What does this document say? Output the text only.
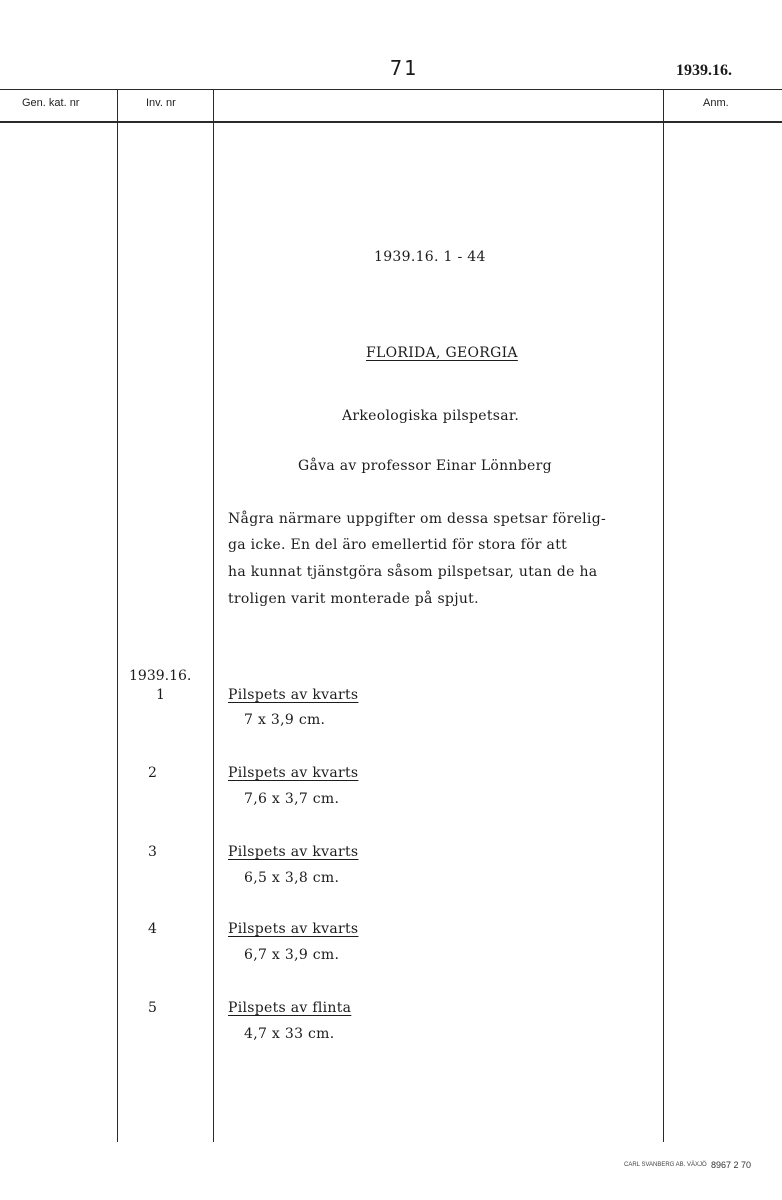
71	1939.16.
Gen. kat. nr	Inv. nr	Anm.
1939.16. 1 - 44
FLORIDA, GEORGIA
Arkeologiska pilspetsar.
Gåva av professor Einar Lönnberg
Några närmare uppgifter om dessa spetsar förelig-
ga icke. En del äro emellertid för stora för att
ha kunnat tjänstgöra såsom pilspetsar, utan de ha
troligen varit monterade på spjut.
1939.16.
1	Pilspets av kvarts
7 x 3,9 cm.
2	Pilspets av kvarts
7,6 x 3,7 cm.
3	Pilspets av kvarts
6,5 x 3,8 cm.
4	Pilspets av kvarts
6,7 x 3,9 cm.
5	Pilspets av flinta
4,7 x 33 cm.
CARL SVANBERG AB. VÄXJÖ 8967 2 70
